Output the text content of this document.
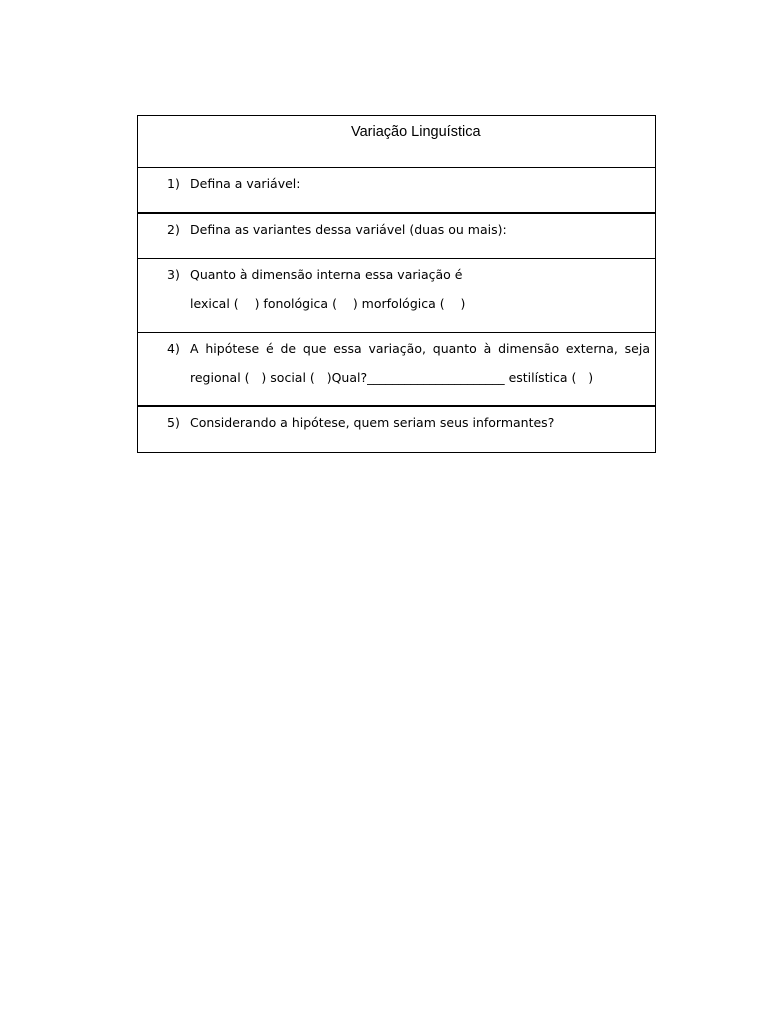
Variação Linguística
1) Defina a variável:
2) Defina as variantes dessa variável (duas ou mais):
3) Quanto à dimensão interna essa variação é
lexical (    ) fonológica (    ) morfológica (    )
4) A hipótese é de que essa variação, quanto à dimensão externa, seja
regional (   ) social (   )Qual?______________________ estilística (   )
5) Considerando a hipótese, quem seriam seus informantes?
